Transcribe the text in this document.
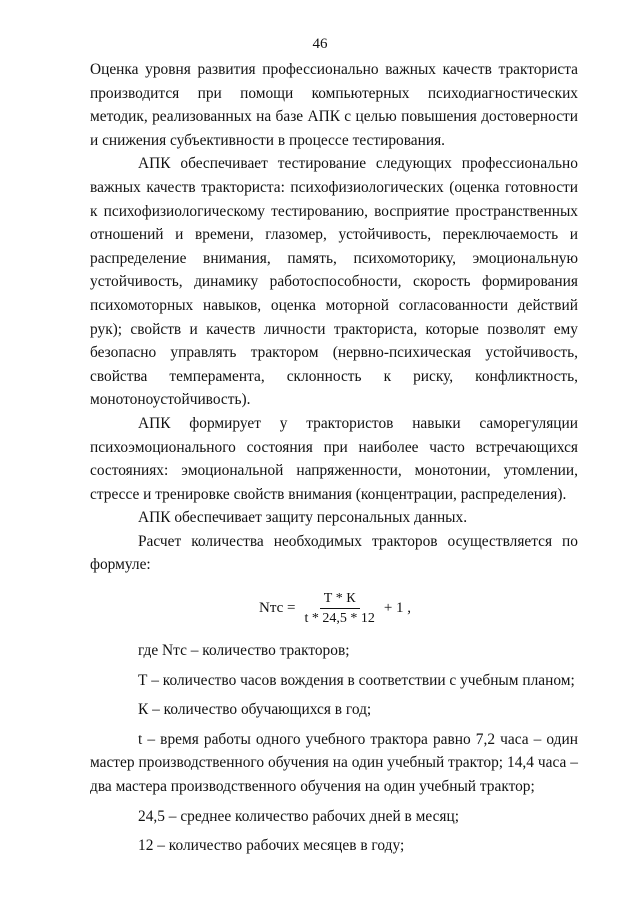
46

Оценка уровня развития профессионально важных качеств тракториста производится при помощи компьютерных психодиагностических методик, реализованных на базе АПК с целью повышения достоверности и снижения субъективности в процессе тестирования.

АПК обеспечивает тестирование следующих профессионально важных качеств тракториста: психофизиологических (оценка готовности к психофизиологическому тестированию, восприятие пространственных отношений и времени, глазомер, устойчивость, переключаемость и распределение внимания, память, психомоторику, эмоциональную устойчивость, динамику работоспособности, скорость формирования психомоторных навыков, оценка моторной согласованности действий рук); свойств и качеств личности тракториста, которые позволят ему безопасно управлять трактором (нервно-психическая устойчивость, свойства темперамента, склонность к риску, конфликтность, монотоноустойчивость).

АПК формирует у трактористов навыки саморегуляции психоэмоционального состояния при наиболее часто встречающихся состояниях: эмоциональной напряженности, монотонии, утомлении, стрессе и тренировке свойств внимания (концентрации, распределения).

АПК обеспечивает защиту персональных данных.

Расчет количества необходимых тракторов осуществляется по формуле:

Nтс = $\frac{Т * К}{t * 24,5 * 12} + 1$ ,

где Nтс – количество тракторов;

Т – количество часов вождения в соответствии с учебным планом;

К – количество обучающихся в год;

t – время работы одного учебного трактора равно 7,2 часа – один мастер производственного обучения на один учебный трактор; 14,4 часа – два мастера производственного обучения на один учебный трактор;

24,5 – среднее количество рабочих дней в месяц;

12 – количество рабочих месяцев в году;
